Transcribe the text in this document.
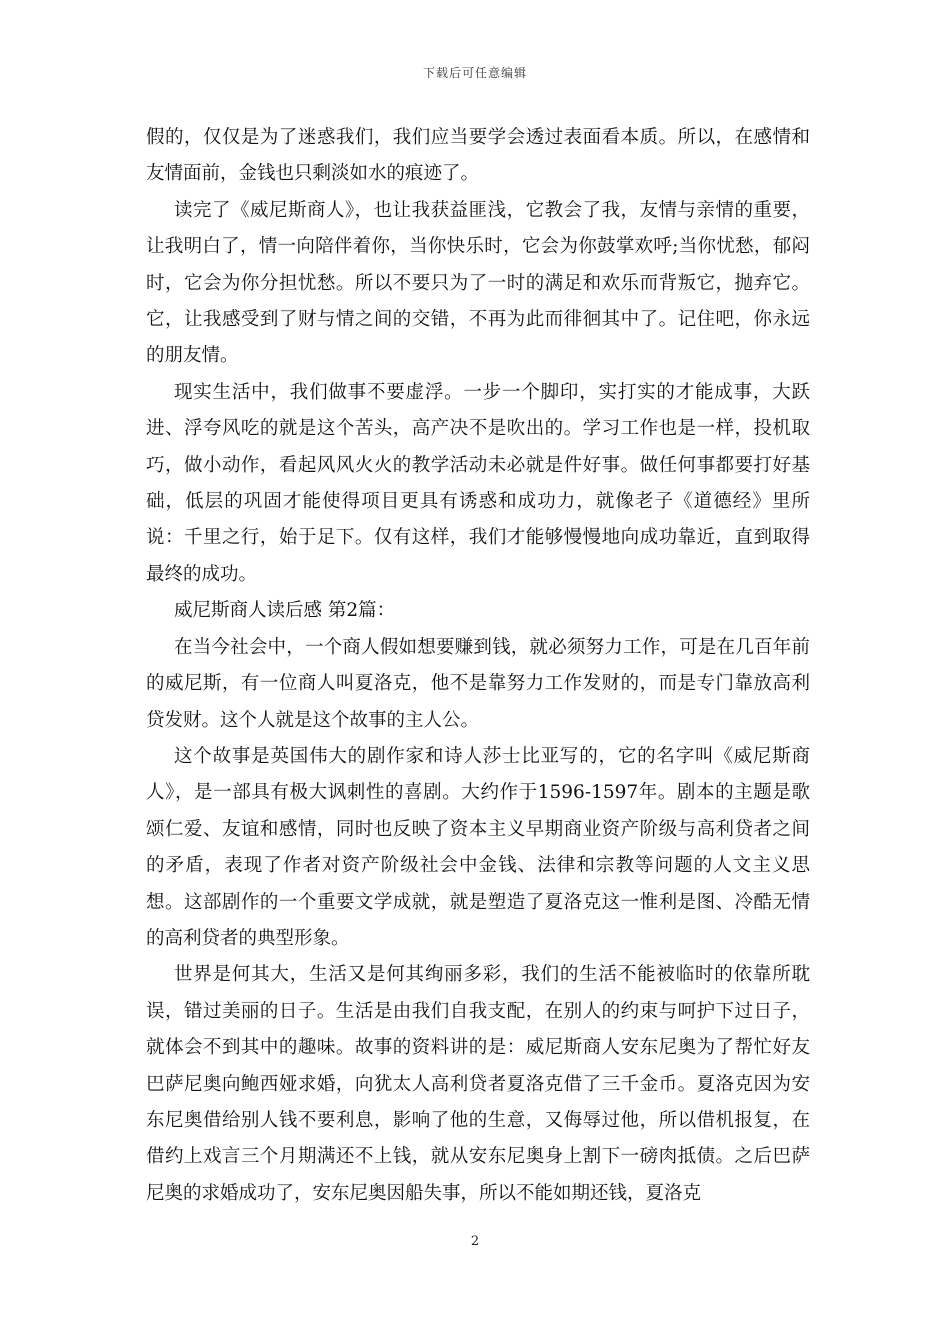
下载后可任意编辑

假的，仅仅是为了迷惑我们，我们应当要学会透过表面看本质。所以，在感情和友情面前，金钱也只剩淡如水的痕迹了。

读完了《威尼斯商人》，也让我获益匪浅，它教会了我，友情与亲情的重要，让我明白了，情一向陪伴着你，当你快乐时，它会为你鼓掌欢呼;当你忧愁，郁闷时，它会为你分担忧愁。所以不要只为了一时的满足和欢乐而背叛它，抛弃它。它，让我感受到了财与情之间的交错，不再为此而徘徊其中了。记住吧，你永远的朋友情。

现实生活中，我们做事不要虚浮。一步一个脚印，实打实的才能成事，大跃进、浮夸风吃的就是这个苦头，高产决不是吹出的。学习工作也是一样，投机取巧，做小动作，看起风风火火的教学活动未必就是件好事。做任何事都要打好基础，低层的巩固才能使得项目更具有诱惑和成功力，就像老子《道德经》里所说：千里之行，始于足下。仅有这样，我们才能够慢慢地向成功靠近，直到取得最终的成功。

威尼斯商人读后感 第2篇：

在当今社会中，一个商人假如想要赚到钱，就必须努力工作，可是在几百年前的威尼斯，有一位商人叫夏洛克，他不是靠努力工作发财的，而是专门靠放高利贷发财。这个人就是这个故事的主人公。

这个故事是英国伟大的剧作家和诗人莎士比亚写的，它的名字叫《威尼斯商人》，是一部具有极大讽刺性的喜剧。大约作于1596-1597年。剧本的主题是歌颂仁爱、友谊和感情，同时也反映了资本主义早期商业资产阶级与高利贷者之间的矛盾，表现了作者对资产阶级社会中金钱、法律和宗教等问题的人文主义思想。这部剧作的一个重要文学成就，就是塑造了夏洛克这一惟利是图、冷酷无情的高利贷者的典型形象。

世界是何其大，生活又是何其绚丽多彩，我们的生活不能被临时的依靠所耽误，错过美丽的日子。生活是由我们自我支配，在别人的约束与呵护下过日子，就体会不到其中的趣味。故事的资料讲的是：威尼斯商人安东尼奥为了帮忙好友巴萨尼奥向鲍西娅求婚，向犹太人高利贷者夏洛克借了三千金币。夏洛克因为安东尼奥借给别人钱不要利息，影响了他的生意，又侮辱过他，所以借机报复，在借约上戏言三个月期满还不上钱，就从安东尼奥身上割下一磅肉抵债。之后巴萨尼奥的求婚成功了，安东尼奥因船失事，所以不能如期还钱，夏洛克

2
